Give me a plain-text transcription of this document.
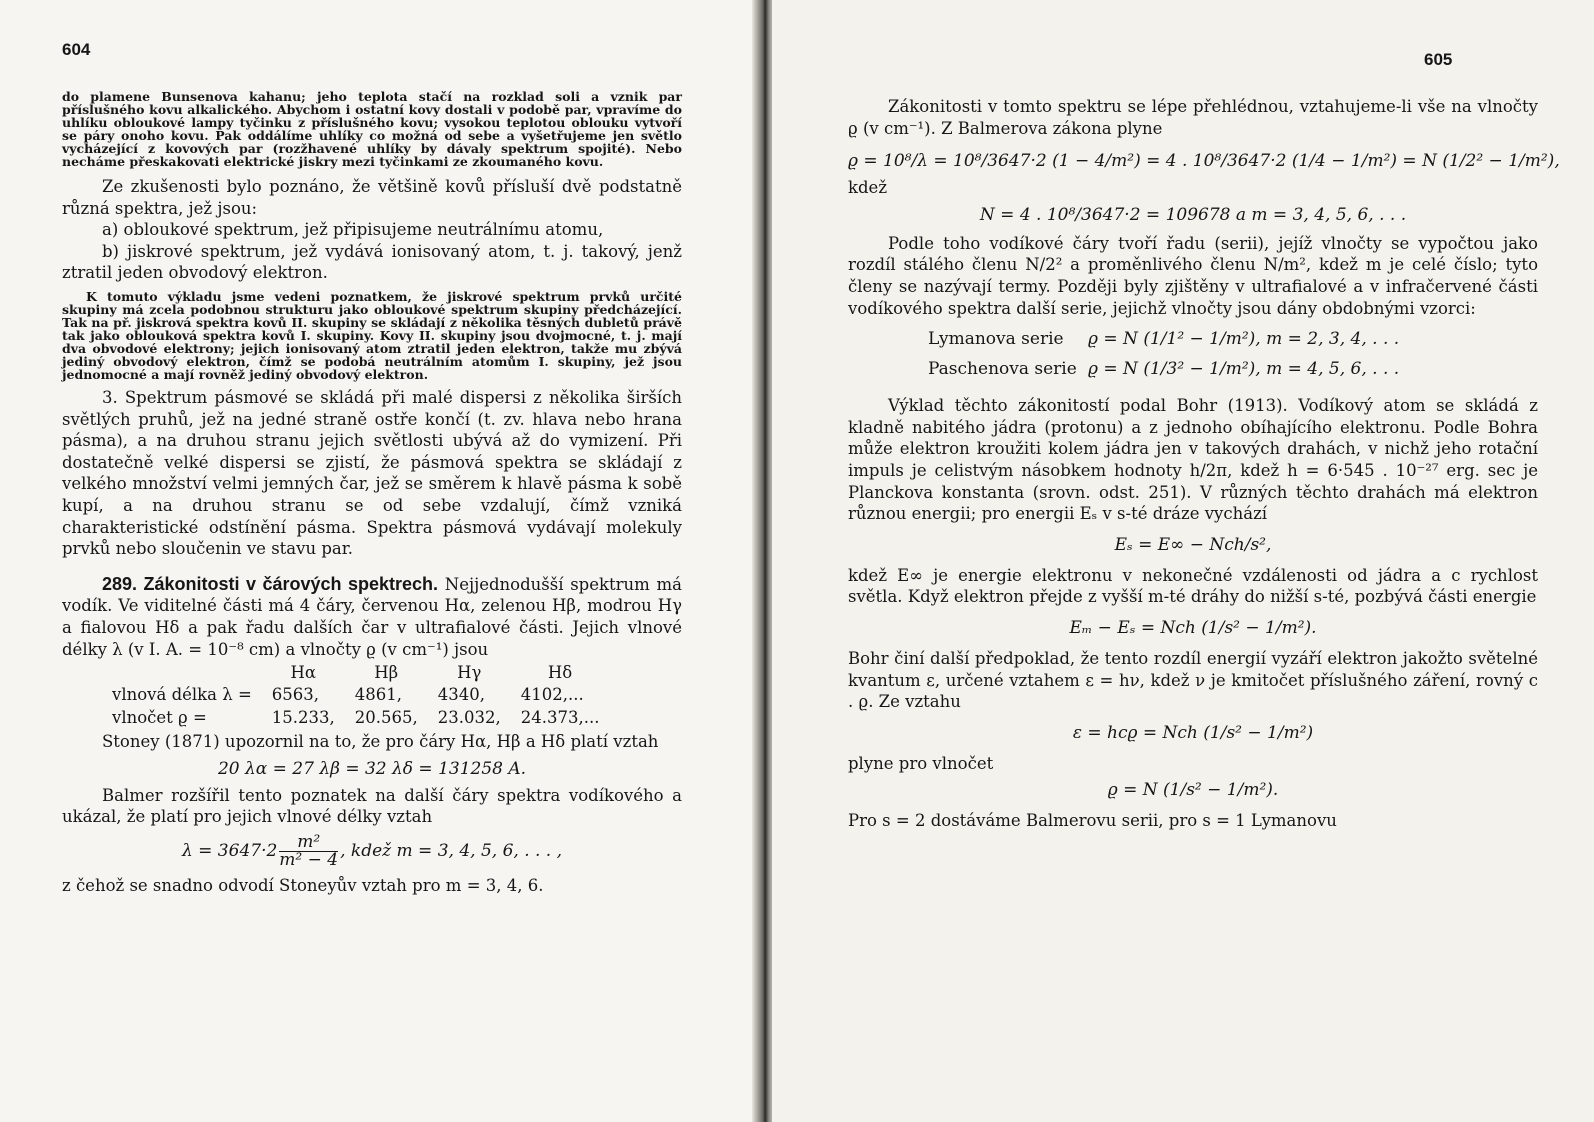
604

do plamene Bunsenova kahanu; jeho teplota stačí na rozklad soli a vznik par příslušného kovu alkalického. Abychom i ostatní kovy dostali v podobě par, vpravíme do uhlíku obloukové lampy tyčinku z příslušného kovu; vysokou teplotou oblouku vytvoří se páry onoho kovu. Pak oddálíme uhlíky co možná od sebe a vyšetřujeme jen světlo vycházející z kovových par (rozžhavené uhlíky by dávaly spektrum spojité). Nebo necháme přeskakovati elektrické jiskry mezi tyčinkami ze zkoumaného kovu.

Ze zkušenosti bylo poznáno, že většině kovů přísluší dvě podstatně různá spektra, jež jsou:

a) obloukové spektrum, jež připisujeme neutrálnímu atomu,

b) jiskrové spektrum, jež vydává ionisovaný atom, t. j. takový, jenž ztratil jeden obvodový elektron.

K tomuto výkladu jsme vedeni poznatkem, že jiskrové spektrum prvků určité skupiny má zcela podobnou strukturu jako obloukové spektrum skupiny předcházející. Tak na př. jiskrová spektra kovů II. skupiny se skládají z několika těsných dubletů právě tak jako oblouková spektra kovů I. skupiny. Kovy II. skupiny jsou dvojmocné, t. j. mají dva obvodové elektrony; jejich ionisovaný atom ztratil jeden elektron, takže mu zbývá jediný obvodový elektron, čímž se podobá neutrálním atomům I. skupiny, jež jsou jednomocné a mají rovněž jediný obvodový elektron.

3. Spektrum pásmové se skládá při malé dispersi z několika širších světlých pruhů, jež na jedné straně ostře končí (t. zv. hlava nebo hrana pásma), a na druhou stranu jejich světlosti ubývá až do vymizení. Při dostatečně velké dispersi se zjistí, že pásmová spektra se skládají z velkého množství velmi jemných čar, jež se směrem k hlavě pásma k sobě kupí, a na druhou stranu se od sebe vzdalují, čímž vzniká charakteristické odstínění pásma. Spektra pásmová vydávají molekuly prvků nebo sloučenin ve stavu par.

289. Zákonitosti v čárových spektrech. Nejjednodušší spektrum má vodík. Ve viditelné části má 4 čáry, červenou Hα, zelenou Hβ, modrou Hγ a fialovou Hδ a pak řadu dalších čar v ultrafialové části. Jejich vlnové délky λ (v I. A. = 10⁻⁸ cm) a vlnočty ϱ (v cm⁻¹) jsou

	Hα	Hβ	Hγ	Hδ
vlnová délka λ =	6563,	4861,	4340,	4102,...
vlnočet ϱ =	15.233,	20.565,	23.032,	24.373,...

Stoney (1871) upozornil na to, že pro čáry Hα, Hβ a Hδ platí vztah

20 λα = 27 λβ = 32 λδ = 131258 A.

Balmer rozšířil tento poznatek na další čáry spektra vodíkového a ukázal, že platí pro jejich vlnové délky vztah

$\lambda = 3647\cdot 2 \frac{\text{m²}}{\text{m² − 4}}$ , kdež m = 3, 4, 5, 6, . . . ,

z čehož se snadno odvodí Stoneyův vztah pro m = 3, 4, 6.

605

Zákonitosti v tomto spektru se lépe přehlédnou, vztahujeme-li vše na vlnočty ϱ (v cm⁻¹). Z Balmerova zákona plyne

ϱ = 10⁸/λ = 10⁸/3647·2 (1 − 4/m²) = 4 . 10⁸/3647·2 (1/4 − 1/m²) = N (1/2² − 1/m²),

kdež

N = 4 . 10⁸/3647·2 = 109678 a m = 3, 4, 5, 6, . . .

Podle toho vodíkové čáry tvoří řadu (serii), jejíž vlnočty se vypočtou jako rozdíl stálého členu N/2² a proměnlivého členu N/m², kdež m je celé číslo; tyto členy se nazývají termy. Později byly zjištěny v ultrafialové a v infračervené části vodíkového spektra další serie, jejichž vlnočty jsou dány obdobnými vzorci:

Lymanova serie	ϱ = N (1/1² − 1/m²), m = 2, 3, 4, . . .
Paschenova serie ϱ = N (1/3² − 1/m²), m = 4, 5, 6, . . .

Výklad těchto zákonitostí podal Bohr (1913). Vodíkový atom se skládá z kladně nabitého jádra (protonu) a z jednoho obíhajícího elektronu. Podle Bohra může elektron kroužiti kolem jádra jen v takových drahách, v nichž jeho rotační impuls je celistvým násobkem hodnoty h/2π, kdež h = 6·545 . 10⁻²⁷ erg. sec je Planckova konstanta (srovn. odst. 251). V různých těchto drahách má elektron různou energii; pro energii Eₛ v s-té dráze vychází

Eₛ = E∞ − Nch/s²,

kdež E∞ je energie elektronu v nekonečné vzdálenosti od jádra a c rychlost světla. Když elektron přejde z vyšší m-té dráhy do nižší s-té, pozbývá části energie

Eₘ − Eₛ = Nch (1/s² − 1/m²).

Bohr činí další předpoklad, že tento rozdíl energií vyzáří elektron jakožto světelné kvantum ε, určené vztahem ε = hν, kdež ν je kmitočet příslušného záření, rovný c . ϱ. Ze vztahu

ε = hcϱ = Nch (1/s² − 1/m²)

plyne pro vlnočet

ϱ = N (1/s² − 1/m²).

Pro s = 2 dostáváme Balmerovu serii, pro s = 1 Lymanovu
